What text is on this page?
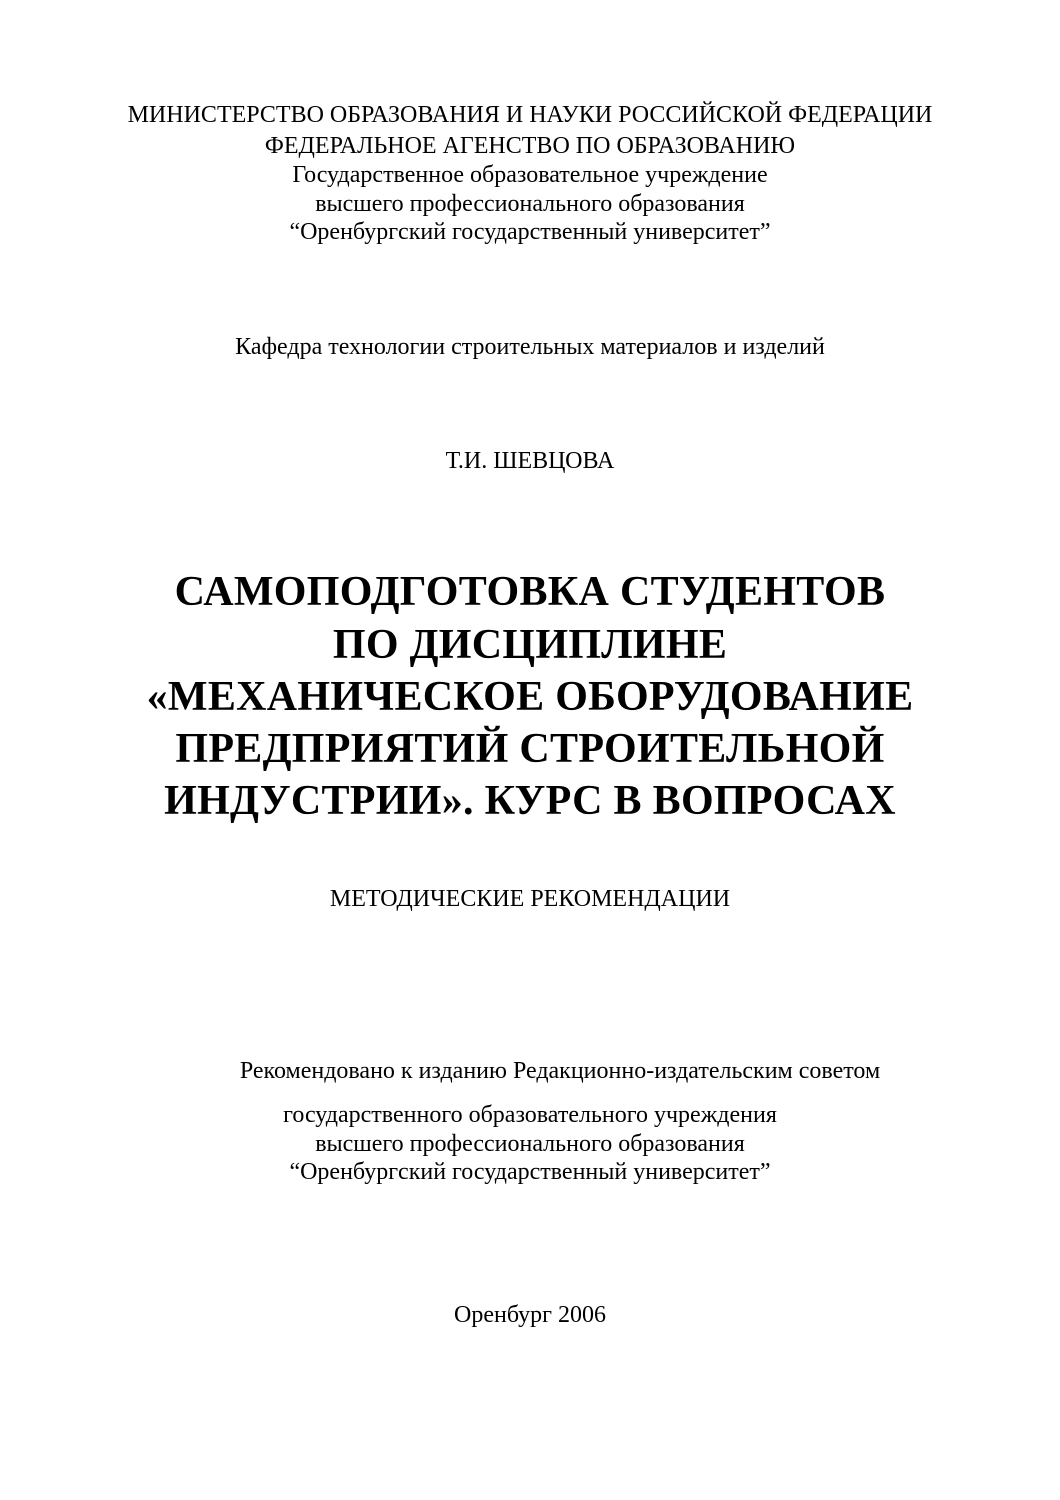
МИНИСТЕРСТВО ОБРАЗОВАНИЯ И НАУКИ РОССИЙСКОЙ ФЕДЕРАЦИИ
ФЕДЕРАЛЬНОЕ АГЕНСТВО ПО ОБРАЗОВАНИЮ
Государственное образовательное учреждение
высшего профессионального образования
“Оренбургский государственный университет”
Кафедра технологии строительных материалов и изделий
Т.И. ШЕВЦОВА
САМОПОДГОТОВКА СТУДЕНТОВ
ПО ДИСЦИПЛИНЕ
«МЕХАНИЧЕСКОЕ ОБОРУДОВАНИЕ
ПРЕДПРИЯТИЙ СТРОИТЕЛЬНОЙ
ИНДУСТРИИ». КУРС В ВОПРОСАХ
МЕТОДИЧЕСКИЕ РЕКОМЕНДАЦИИ
Рекомендовано к изданию Редакционно-издательским советом
государственного образовательного учреждения
высшего профессионального образования
“Оренбургский государственный университет”
Оренбург 2006
